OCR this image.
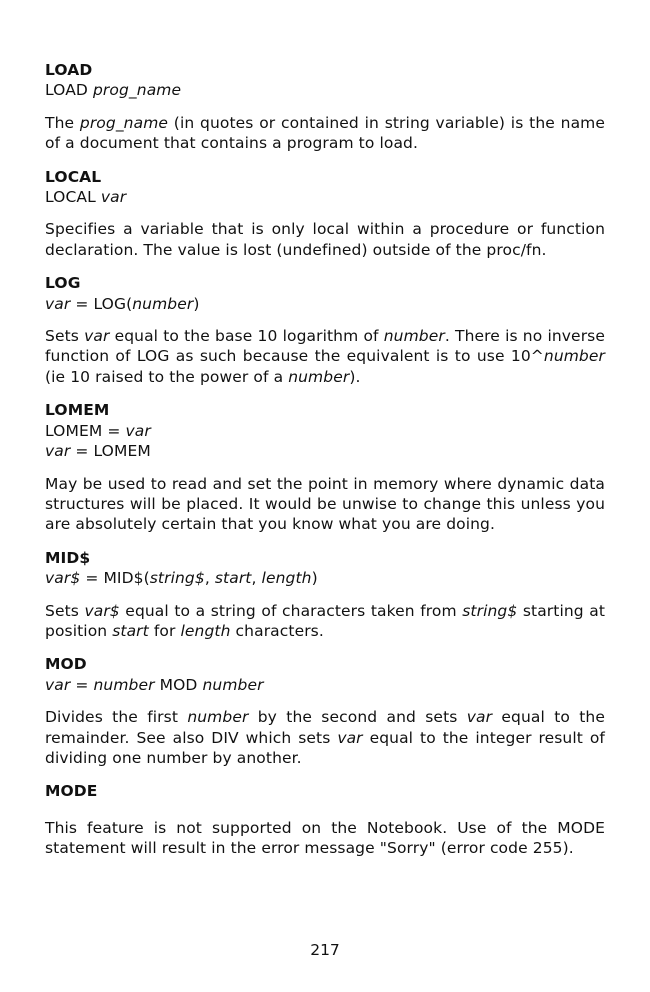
LOAD

LOAD prog_name

The prog_name (in quotes or contained in string variable) is the name of a document that contains a program to load.

LOCAL

LOCAL var

Specifies a variable that is only local within a procedure or function declaration. The value is lost (undefined) outside of the proc/fn.

LOG

var = LOG(number)

Sets var equal to the base 10 logarithm of number. There is no inverse function of LOG as such because the equivalent is to use 10^number (ie 10 raised to the power of a number).

LOMEM

LOMEM = var

var = LOMEM

May be used to read and set the point in memory where dynamic data structures will be placed. It would be unwise to change this unless you are absolutely certain that you know what you are doing.

MID$

var$ = MID$(string$, start, length)

Sets var$ equal to a string of characters taken from string$ starting at position start for length characters.

MOD

var = number MOD number

Divides the first number by the second and sets var equal to the remainder. See also DIV which sets var equal to the integer result of dividing one number by another.

MODE

This feature is not supported on the Notebook. Use of the MODE statement will result in the error message "Sorry" (error code 255).

217
